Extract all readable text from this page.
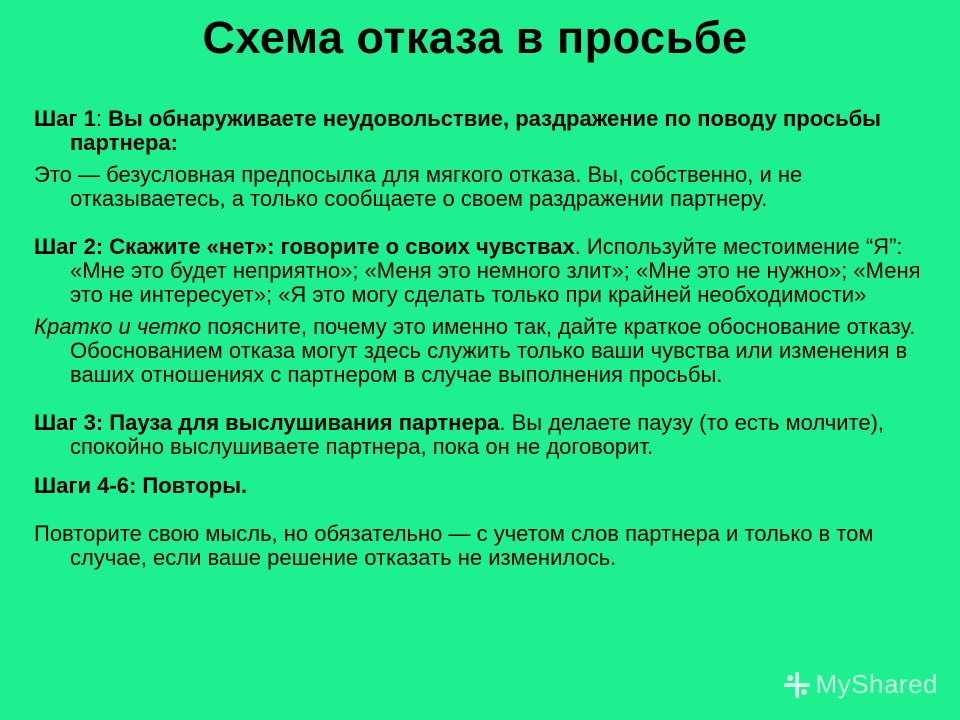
Схема отказа в просьбе

Шаг 1: Вы обнаруживаете неудовольствие, раздражение по поводу просьбы партнера:

Это — безусловная предпосылка для мягкого отказа. Вы, собственно, и не отказываетесь, а только сообщаете о своем раздражении партнеру.

Шаг 2: Скажите «нет»: говорите о своих чувствах. Используйте местоимение “Я”: «Мне это будет неприятно»; «Меня это немного злит»; «Мне это не нужно»; «Меня это не интересует»; «Я это могу сделать только при крайней необходимости»

Кратко и четко поясните, почему это именно так, дайте краткое обоснование отказу. Обоснованием отказа могут здесь служить только ваши чувства или изменения в ваших отношениях с партнером в случае выполнения просьбы.

Шаг 3: Пауза для выслушивания партнера. Вы делаете паузу (то есть молчите), спокойно выслушиваете партнера, пока он не договорит.

Шаги 4-6: Повторы.

Повторите свою мысль, но обязательно — с учетом слов партнера и только в том случае, если ваше решение отказать не изменилось.

MyShared
